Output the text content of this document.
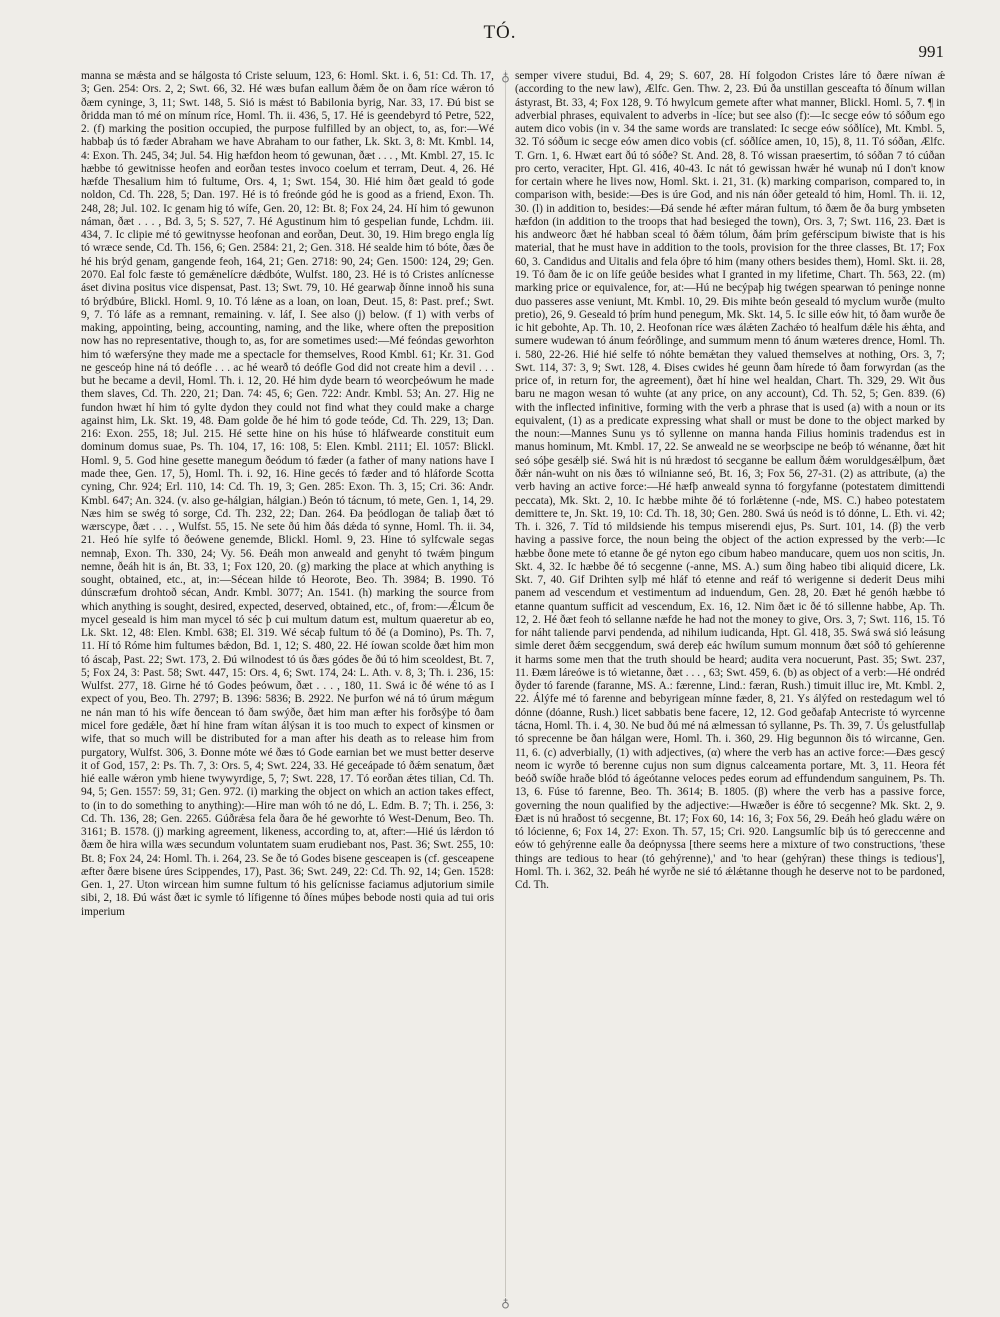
TÓ.
991
♁
♁

manna se mǽsta and se hálgosta tó Criste seluum, 123, 6: Homl. Skt. i. 6, 51: Cd. Th. 17, 3; Gen. 254: Ors. 2, 2; Swt. 66, 32. Hé wæs bufan eallum ðǽm ðe on ðam ríce wǽron tó ðæm cyninge, 3, 11; Swt. 148, 5. Sió is mǽst tó Babilonia byrig, Nar. 33, 17. Ðú bist se ðridda man tó mé on mínum ríce, Homl. Th. ii. 436, 5, 17. Hé is geendebyrd tó Petre, 522, 2. (f) marking the position occupied, the purpose fulfilled by an object, to, as, for:—Wé habbaþ ús tó fæder Abraham we have Abraham to our father, Lk. Skt. 3, 8: Mt. Kmbl. 14, 4: Exon. Th. 245, 34; Jul. 54. Hig hæfdon heom tó gewunan, ðæt . . . , Mt. Kmbl. 27, 15. Ic hæbbe tó gewitnisse heofen and eorðan testes invoco coelum et terram, Deut. 4, 26. Hé hæfde Thesalium him tó fultume, Ors. 4, 1; Swt. 154, 30. Hié him ðæt geald tó gode noldon, Cd. Th. 228, 5; Dan. 197. Hé is tó freónde gód he is good as a friend, Exon. Th. 248, 28; Jul. 102. Ic genam hig tó wífe, Gen. 20, 12: Bt. 8; Fox 24, 24. Hí him tó gewunon náman, ðæt . . . , Bd. 3, 5; S. 527, 7. Hé Agustinum him tó gespelian funde, Lchdm. iii. 434, 7. Ic clipie mé tó gewitnysse heofonan and eorðan, Deut. 30, 19. Him brego engla líg tó wræce sende, Cd. Th. 156, 6; Gen. 2584: 21, 2; Gen. 318. Hé sealde him tó bóte, ðæs ðe hé his brýd genam, gangende feoh, 164, 21; Gen. 2718: 90, 24; Gen. 1500: 124, 29; Gen. 2070. Eal folc fæste tó gemǽnelícre dǽdbóte, Wulfst. 180, 23. Hé is tó Cristes anlícnesse áset divina positus vice dispensat, Past. 13; Swt. 79, 10. Hé gearwaþ ðínne innoð his suna tó brýdbúre, Blickl. Homl. 9, 10. Tó lǽne as a loan, on loan, Deut. 15, 8: Past. pref.; Swt. 9, 7. Tó láfe as a remnant, remaining. v. láf, I. See also (j) below. (f 1) with verbs of making, appointing, being, accounting, naming, and the like, where often the preposition now has no representative, though to, as, for are sometimes used:—Mé feóndas geworhton him tó wæfersýne they made me a spectacle for themselves, Rood Kmbl. 61; Kr. 31. God ne gesceóp hine ná tó deófle . . . ac hé wearð tó deófle God did not create him a devil . . . but he became a devil, Homl. Th. i. 12, 20. Hé him dyde bearn tó weorcþeówum he made them slaves, Cd. Th. 220, 21; Dan. 74: 45, 6; Gen. 722: Andr. Kmbl. 53; An. 27. Hig ne fundon hwæt hí him tó gylte dydon they could not find what they could make a charge against him, Lk. Skt. 19, 48. Ðam golde ðe hé him tó gode teóde, Cd. Th. 229, 13; Dan. 216: Exon. 255, 18; Jul. 215. Hé sette hine on his húse tó hláfwearde constituit eum dominum domus suae, Ps. Th. 104, 17, 16: 108, 5: Elen. Kmbl. 2111; El. 1057: Blickl. Homl. 9, 5. God hine gesette manegum ðeódum tó fæder (a father of many nations have I made thee, Gen. 17, 5), Homl. Th. i. 92, 16. Hine gecés tó fæder and tó hláforde Scotta cyning, Chr. 924; Erl. 110, 14: Cd. Th. 19, 3; Gen. 285: Exon. Th. 3, 15; Cri. 36: Andr. Kmbl. 647; An. 324. (v. also ge-hálgian, hálgian.) Beón tó tácnum, tó mete, Gen. 1, 14, 29. Næs him se swég tó sorge, Cd. Th. 232, 22; Dan. 264. Ða þeódlogan ðe taliaþ ðæt tó wærscype, ðæt . . . , Wulfst. 55, 15. Ne sete ðú him ðás dǽda tó synne, Homl. Th. ii. 34, 21. Heó híe sylfe tó ðeówene genemde, Blickl. Homl. 9, 23. Hine tó sylfcwale segas nemnaþ, Exon. Th. 330, 24; Vy. 56. Ðeáh mon anweald and genyht tó twǽm þingum nemne, ðeáh hit is án, Bt. 33, 1; Fox 120, 20. (g) marking the place at which anything is sought, obtained, etc., at, in:—Sécean hilde tó Heorote, Beo. Th. 3984; B. 1990. Tó dúnscræfum drohtoð sécan, Andr. Kmbl. 3077; An. 1541. (h) marking the source from which anything is sought, desired, expected, deserved, obtained, etc., of, from:—Ǽlcum ðe mycel geseald is him man mycel tó séc þ cui multum datum est, multum quaeretur ab eo, Lk. Skt. 12, 48: Elen. Kmbl. 638; El. 319. Wé sécaþ fultum tó ðé (a Domino), Ps. Th. 7, 11. Hí tó Róme him fultumes bǽdon, Bd. 1, 12; S. 480, 22. Hé íowan scolde ðæt him mon tó áscaþ, Past. 22; Swt. 173, 2. Ðú wilnodest tó ús ðæs gódes ðe ðú tó him sceoldest, Bt. 7, 5; Fox 24, 3: Past. 58; Swt. 447, 15: Ors. 4, 6; Swt. 174, 24: L. Ath. v. 8, 3; Th. i. 236, 15: Wulfst. 277, 18. Girne hé tó Godes þeówum, ðæt . . . , 180, 11. Swá ic ðé wéne tó as I expect of you, Beo. Th. 2797; B. 1396: 5836; B. 2922. Ne þurfon wé ná tó úrum mǽgum ne nán man tó his wífe ðencean tó ðam swýðe, ðæt him man æfter his forðsýþe tó ðam micel fore gedǽle, ðæt hí hine fram wítan álýsan it is too much to expect of kinsmen or wife, that so much will be distributed for a man after his death as to release him from purgatory, Wulfst. 306, 3. Ðonne móte wé ðæs tó Gode earnian bet we must better deserve it of God, 157, 2: Ps. Th. 7, 3: Ors. 5, 4; Swt. 224, 33. Hé geceápade tó ðǽm senatum, ðæt hié ealle wǽron ymb hiene twywyrdige, 5, 7; Swt. 228, 17. Tó eorðan ǽtes tilian, Cd. Th. 94, 5; Gen. 1557: 59, 31; Gen. 972. (i) marking the object on which an action takes effect, to (in to do something to anything):—Hire man wóh tó ne dó, L. Edm. B. 7; Th. i. 256, 3: Cd. Th. 136, 28; Gen. 2265. Gúðrǽsa fela ðara ðe hé geworhte tó West-Denum, Beo. Th. 3161; B. 1578. (j) marking agreement, likeness, according to, at, after:—Hié ús lǽrdon tó ðæm ðe hira willa wæs secundum voluntatem suam erudiebant nos, Past. 36; Swt. 255, 10: Bt. 8; Fox 24, 24: Homl. Th. i. 264, 23. Se ðe tó Godes bisene gesceapen is (cf. gesceapene æfter ðære bisene úres Scippendes, 17), Past. 36; Swt. 249, 22: Cd. Th. 92, 14; Gen. 1528: Gen. 1, 27. Uton wircean him sumne fultum tó his gelícnisse faciamus adjutorium simile sibi, 2, 18. Ðú wást ðæt ic symle tó lífigenne tó ðínes múþes bebode nosti quia ad tui oris imperium

semper vivere studui, Bd. 4, 29; S. 607, 28. Hí folgodon Cristes láre tó ðære níwan ǽ (according to the new law), Ælfc. Gen. Thw. 2, 23. Ðú ða unstillan gesceafta tó ðínum willan ástyrast, Bt. 33, 4; Fox 128, 9. Tó hwylcum gemete after what manner, Blickl. Homl. 5, 7. ¶ in adverbial phrases, equivalent to adverbs in -líce; but see also (f):—Ic secge eów tó sóðum ego autem dico vobis (in v. 34 the same words are translated: Ic secge eów sóðlíce), Mt. Kmbl. 5, 32. Tó sóðum ic secge eów amen dico vobis (cf. sóðlíce amen, 10, 15), 8, 11. Tó sóðan, Ælfc. T. Grn. 1, 6. Hwæt eart ðú tó sóðe? St. And. 28, 8. Tó wissan praesertim, tó sóðan 7 tó cúðan pro certo, veraciter, Hpt. Gl. 416, 40-43. Ic nát tó gewissan hwǽr hé wunaþ nú I don't know for certain where he lives now, Homl. Skt. i. 21, 31. (k) marking comparison, compared to, in comparison with, beside:—Ðes is úre God, and nis nán óðer geteald tó him, Homl. Th. ii. 12, 30. (l) in addition to, besides:—Ðá sende hé æfter máran fultum, tó ðæm ðe ða burg ymbseten hæfdon (in addition to the troops that had besieged the town), Ors. 3, 7; Swt. 116, 23. Ðæt is his andweorc ðæt hé habban sceal tó ðǽm tólum, ðám þrím geférscipum biwiste that is his material, that he must have in addition to the tools, provision for the three classes, Bt. 17; Fox 60, 3. Candidus and Uitalis and fela óþre tó him (many others besides them), Homl. Skt. ii. 28, 19. Tó ðam ðe ic on lífe geúðe besides what I granted in my lifetime, Chart. Th. 563, 22. (m) marking price or equivalence, for, at:—Hú ne becýpaþ hig twégen spearwan tó peninge nonne duo passeres asse veniunt, Mt. Kmbl. 10, 29. Ðis mihte beón geseald tó myclum wurðe (multo pretio), 26, 9. Geseald tó þrím hund penegum, Mk. Skt. 14, 5. Ic sille eów hit, tó ðam wurðe ðe ic hit gebohte, Ap. Th. 10, 2. Heofonan ríce wæs álǽten Zachǽo tó healfum dǽle his ǽhta, and sumere wudewan tó ánum feórðlinge, and summum menn tó ánum wæteres drence, Homl. Th. i. 580, 22-26. Hié hié selfe tó nóhte bemǽtan they valued themselves at nothing, Ors. 3, 7; Swt. 114, 37: 3, 9; Swt. 128, 4. Ðises cwides hé geunn ðam hírede tó ðam forwyrdan (as the price of, in return for, the agreement), ðæt hí hine wel healdan, Chart. Th. 329, 29. Wit ðus baru ne magon wesan tó wuhte (at any price, on any account), Cd. Th. 52, 5; Gen. 839. (6) with the inflected infinitive, forming with the verb a phrase that is used (a) with a noun or its equivalent, (1) as a predicate expressing what shall or must be done to the object marked by the noun:—Mannes Sunu ys tó syllenne on manna handa Filius hominis tradendus est in manus hominum, Mt. Kmbl. 17, 22. Se anweald ne se weorþscipe ne beóþ tó wénanne, ðæt hit seó sóþe gesǽlþ sié. Swá hit is nú hrædost tó secganne be eallum ðǽm woruldgesǽlþum, ðæt ðǽr nán-wuht on nis ðæs tó wilnianne seó, Bt. 16, 3; Fox 56, 27-31. (2) as attribute, (a) the verb having an active force:—Hé hæfþ anweald synna tó forgyfanne (potestatem dimittendi peccata), Mk. Skt. 2, 10. Ic hæbbe mihte ðé tó forlǽtenne (-nde, MS. C.) habeo potestatem demittere te, Jn. Skt. 19, 10: Cd. Th. 18, 30; Gen. 280. Swá ús neód is tó dónne, L. Eth. vi. 42; Th. i. 326, 7. Tíd tó mildsiende his tempus miserendi ejus, Ps. Surt. 101, 14. (β) the verb having a passive force, the noun being the object of the action expressed by the verb:—Ic hæbbe ðone mete tó etanne ðe gé nyton ego cibum habeo manducare, quem uos non scitis, Jn. Skt. 4, 32. Ic hæbbe ðé tó secgenne (-anne, MS. A.) sum ðing habeo tibi aliquid dicere, Lk. Skt. 7, 40. Gif Drihten sylþ mé hláf tó etenne and reáf tó werigenne si dederit Deus mihi panem ad vescendum et vestimentum ad induendum, Gen. 28, 20. Ðæt hé genóh hæbbe tó etanne quantum sufficit ad vescendum, Ex. 16, 12. Nim ðæt ic ðé tó sillenne habbe, Ap. Th. 12, 2. Hé ðæt feoh tó sellanne næfde he had not the money to give, Ors. 3, 7; Swt. 116, 15. Tó for náht taliende parvi pendenda, ad nihilum iudicanda, Hpt. Gl. 418, 35. Swá swá sió leásung simle deret ðǽm secggendum, swá dereþ eác hwílum sumum monnum ðæt sóð tó gehíerenne it harms some men that the truth should be heard; audita vera nocuerunt, Past. 35; Swt. 237, 11. Ðæm láreówe is tó wietanne, ðæt . . . , 63; Swt. 459, 6. (b) as object of a verb:—Hé ondréd ðyder tó farende (faranne, MS. A.: færenne, Lind.: færan, Rush.) timuit illuc ire, Mt. Kmbl. 2, 22. Álýfe mé tó farenne and bebyrigean mínne fæder, 8, 21. Ys álýfed on restedagum wel tó dónne (dóanne, Rush.) licet sabbatis bene facere, 12, 12. God geðafaþ Antecriste tó wyrcenne tácna, Homl. Th. i. 4, 30. Ne bud ðú mé ná ælmessan tó syllanne, Ps. Th. 39, 7. Ús gelustfullaþ tó sprecenne be ðan hálgan were, Homl. Th. i. 360, 29. Hig begunnon ðis tó wircanne, Gen. 11, 6. (c) adverbially, (1) with adjectives, (α) where the verb has an active force:—Ðæs gescý neom ic wyrðe tó berenne cujus non sum dignus calceamenta portare, Mt. 3, 11. Heora fét beóð swíðe hraðe blód tó ágeótanne veloces pedes eorum ad effundendum sanguinem, Ps. Th. 13, 6. Fúse tó farenne, Beo. Th. 3614; B. 1805. (β) where the verb has a passive force, governing the noun qualified by the adjective:—Hwæðer is éðre tó secgenne? Mk. Skt. 2, 9. Ðæt is nú hraðost tó secgenne, Bt. 17; Fox 60, 14: 16, 3; Fox 56, 29. Ðeáh heó gladu wǽre on tó lócienne, 6; Fox 14, 27: Exon. Th. 57, 15; Cri. 920. Langsumlíc biþ ús tó gereccenne and eów tó gehýrenne ealle ða deópnyssa [there seems here a mixture of two constructions, 'these things are tedious to hear (tó gehýrenne),' and 'to hear (gehýran) these things is tedious'], Homl. Th. i. 362, 32. Þeáh hé wyrðe ne sié tó ǽlǽtanne though he deserve not to be pardoned, Cd. Th.
